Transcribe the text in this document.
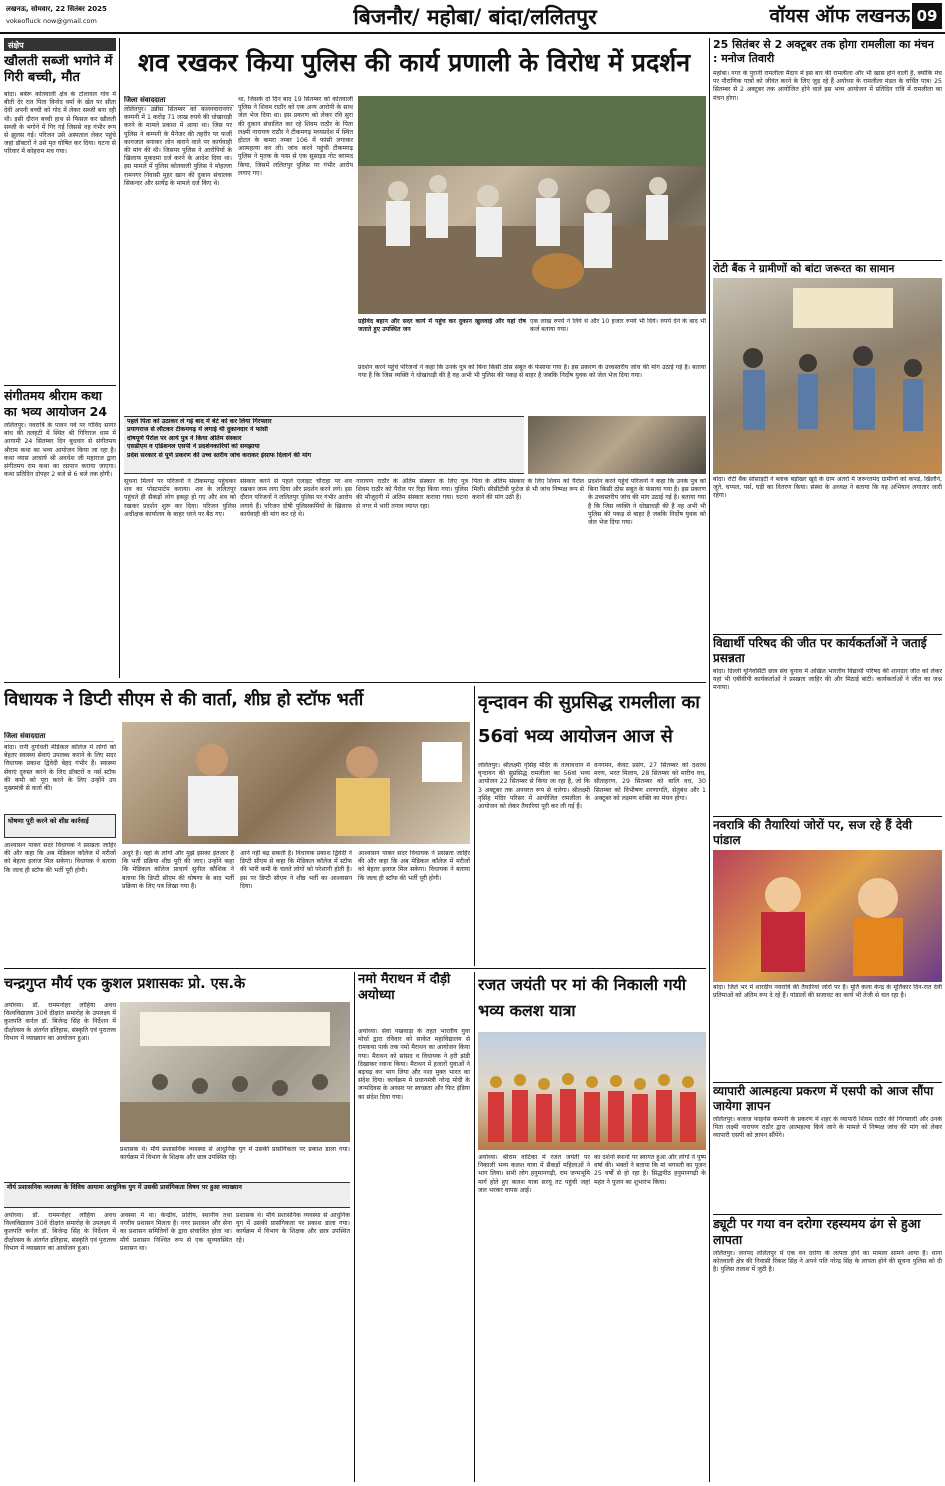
लखनऊ, सोमवार, 22 सितंबर 2025
vokeofluck now@gmail.com	बिजनौर/ महोबा/ बांदा/ललितपुर	वॉयस ऑफ लखनऊ 09
संक्षेप
खौलती सब्जी भगोने में गिरी बच्ची, मौत
बांदा। बबेरू कोतवाली क्षेत्र के टोलावल गांव में बीती देर रात पिता विनोद वर्मा के खेत पर सीता देवी अपनी बच्ची को गोद में लेकर सब्जी बना रही थी। इसी दौरान बच्ची हाथ से फिसल कर खौलती सब्जी के भगोने में गिर गई जिससे वह गंभीर रूप से झुलस गई। परिजन उसे अस्पताल लेकर पहुंचे जहां डॉक्टरों ने उसे मृत घोषित कर दिया। घटना से परिवार में कोहराम मच गया।
संगीतमय श्रीराम कथा का भव्य आयोजन 24
ललितपुर। नवरात्रि के पावन पर्व पर गोविंद सागर बांध की तलहटी में स्थित श्री गिरिराज धाम में आगामी 24 सितम्बर दिन बुधवार से संगीतमय श्रीराम कथा का भव्य आयोजन किया जा रहा है। कथा व्यास आचार्य श्री अवधेश जी महाराज द्वारा संगीतमय राम कथा का रसपान कराया जाएगा। कथा प्रतिदिन दोपहर 2 बजे से 6 बजे तक होगी।
शव रखकर किया पुलिस की कार्य प्रणाली के विरोध में प्रदर्शन
जिला संवाददाता
ललितपुर। उन्नीस सितम्बर को कलनवारानगर कम्पनी में 1 करोड़ 71 लाख रुपये की धोखाधड़ी करने के मामले प्रकाश में आया था। जिस पर पुलिस ने कम्पनी के मैनेजर की तहरीर पर फर्जी कागजात बनाकर लोन कराने वाले पर कार्यवाही की मांग की थी। जिसपर पुलिस ने आरोपियों के खिलाफ मुकदमा दर्ज करने के आदेश दिया था। इस मामले में पुलिस कोतवाली पुलिस ने मोहल्ला रामनगर निवासी मुहर खान की दुकान संचालक सिकन्दर और सत्येंद्र के मामले दर्ज किए थे।
था, जिसके दो दिन बाद 19 सितम्बर को कोतवाली पुलिस ने शिवम राठौर को एक अन्य आरोपी के साथ जेल भेज दिया था। इस प्रकरण को लेकर रवि सुरा की दुकान संचालित कर रहे शिवम राठौर के पिता लक्ष्मी नारायण राठौर ने टीकमगढ़ मध्यप्रदेश में स्थित होटल के कमरा नम्बर 106 में फांसी लगाकर आत्महत्या कर ली। जांच करने पहुंची टीकमगढ़ पुलिस ने मृतक के पास से एक सुसाइड नोट बरामद किया, जिसमें ललितपुर पुलिस पर गंभीर आरोप लगाए गए।
ग्रहीवेद बहान और सदर कार्य में पहुंच कर दुकान खुलवाई और यहां रोष जताते हुए उपस्थित जन
एक लाख रुपये ने लिये थे और 10 हजार रुपये भी दिये। रुपये देने के बाद भी कर्ज बताया गया।
प्रदर्शन करने पहुंचे परिजनों ने कहा कि उनके पुत्र को बिना किसी ठोस सबूत के फंसाया गया है। इस प्रकरण के उच्चस्तरीय जांच की मांग उठाई गई है। बताया गया है कि जिस व्यक्ति ने धोखाधड़ी की है वह अभी भी पुलिस की पकड़ से बाहर है जबकि निर्दोष युवक को जेल भेज दिया गया।
पहले पिता को उठाकर ले गई बाद में बेटे को कर लिया गिरफ्तार
प्रयागराज से लौटकर टीकमगढ़ में लगाई थी दुकानदार ने फांसी
दोषपूर्ण पैरोल पर आये पुत्र ने किया अंतिम संस्कार
एसडीएम व एडिशनल एसपी ने प्रदर्शनकारियों को समझाया
प्रदेश सरकार से पूर्ण प्रकरण की उच्च स्तरीय जांच कराकर इंसाफ दिलाने की मांग
सूचना मिलने पर परिजनों ने टीकमगढ़ पहुंचकर शव का पोस्टमार्टम कराया। शव के ललितपुर पहुंचते ही सैकड़ों लोग इकट्ठा हो गए और शव को रखकर प्रदर्शन शुरू कर दिया। परिजन पुलिस अधीक्षक कार्यालय के बाहर धरने पर बैठ गए।
संस्कार करने से पहले एलाइट चौराहा पर शव रखकर जाम लगा दिया और प्रदर्शन करने लगे। इस दौरान परिजनों ने ललितपुर पुलिस पर गंभीर आरोप लगाये हैं। परिजन दोषी पुलिसकर्मियों के खिलाफ कार्यवाही की मांग कर रहे थे।
नारायण राठौर के अंतिम संस्कार के लिए पुत्र शिवम राठौर को पैरोल पर रिहा किया गया। पुलिस की मौजूदगी में अंतिम संस्कार कराया गया। घटना से नगर में भारी तनाव व्याप्त रहा।
पिता के अंतिम संस्कार के लिए शिवम को पैरोल मिली। सीसीटीवी फुटेज से भी जांच निष्पक्ष रूप से कराने की मांग उठी है।
प्रदर्शन करने पहुंचे परिजनों ने कहा कि उनके पुत्र को बिना किसी ठोस सबूत के फंसाया गया है। इस प्रकरण के उच्चस्तरीय जांच की मांग उठाई गई है। बताया गया है कि जिस व्यक्ति ने धोखाधड़ी की है वह अभी भी पुलिस की पकड़ से बाहर है जबकि निर्दोष युवक को जेल भेज दिया गया।
25 सितंबर से 2 अक्टूबर तक होगा रामलीला का मंचन : मनोज तिवारी
महोबा। नगर के पुरानी रामलीला मैदान में इस बार की रामलीला और भी खास होने वाली है, क्योंकि मंच पर पौराणिक पात्रों को जीवंत करने के लिए जुड़ रहे हैं अयोध्या के रामलीला मंडल के चर्चित पात्र। 25 सितम्बर से 2 अक्टूबर तक आयोजित होने वाले इस भव्य आयोजन में प्रतिदिन रात्रि में रामलीला का मंचन होगा।
रोटी बैंक ने ग्रामीणों को बांटा जरूरत का सामान
बांदा। रोटी बैंक सोसाइटी ने ब्लाक बड़ोखर खुर्द के ग्राम अतर्रा में जरूरतमंद ग्रामीणों को कपड़े, खिलौने, जूते, चप्पल, पर्स, घड़ी का वितरण किया। संस्था के अध्यक्ष ने बताया कि यह अभियान लगातार जारी रहेगा।
विद्यार्थी परिषद की जीत पर कार्यकर्ताओं ने जताई प्रसन्नता
बांदा। दिल्ली यूनिवर्सिटी छात्र संघ चुनाव में अखिल भारतीय विद्यार्थी परिषद की शानदार जीत को लेकर यहां भी एबीवीपी कार्यकर्ताओं ने प्रसन्नता जाहिर की और मिठाई बांटी। कार्यकर्ताओं ने जीत का जश्न मनाया।
नवरात्रि की तैयारियां जोरों पर, सज रहे हैं देवी पांडाल
बांदा। जिले भर में शारदीय नवरात्रि की तैयारियां जोरों पर हैं। मूर्ति कला केन्द्र के मूर्तिकार दिन-रात देवी प्रतिमाओं को अंतिम रूप दे रहे हैं। पांडालों की सजावट का कार्य भी तेजी से चल रहा है।
व्यापारी आत्महत्या प्रकरण में एसपी को आज सौंपा जायेगा ज्ञापन
ललितपुर। बजाज फाइनेंस कम्पनी के प्रकरण में शहर के व्यापारी शिवम राठौर की गिरफ्तारी और उनके पिता लक्ष्मी नारायण राठौर द्वारा आत्महत्या किये जाने के मामले में निष्पक्ष जांच की मांग को लेकर व्यापारी एसपी को ज्ञापन सौंपेंगे।
ड्यूटी पर गया वन दरोगा रहस्यमय ढंग से हुआ लापता
ललितपुर। जनपद ललितपुर में एक वन दरोगा के लापता होने का मामला सामने आया है। थाना कोतवाली क्षेत्र की निवासी रिंकल सिंह ने अपने पति नरेन्द्र सिंह के लापता होने की सूचना पुलिस को दी है। पुलिस तलाश में जुटी है।
विधायक ने डिप्टी सीएम से की वार्ता, शीघ्र हो स्टॉफ भर्ती
जिला संवाददाता
बांदा। रानी दुर्गावती मेडिकल कॉलेज में लोगों को बेहतर स्वास्थ्य सेवाएं उपलब्ध कराने के लिए सदर विधायक प्रकाश द्विवेदी बेहद गंभीर हैं। स्वास्थ्य सेवाएं दुरुस्त करने के लिए डॉक्टरों व नर्स स्टॉफ की कमी को पूरा करने के लिए उन्होंने उप मुख्यमंत्री से वार्ता की।
घोषणा पूरी करने को शीघ्र कार्रवाई
आश्वासन पाकर सदर विधायक ने प्रसन्नता जाहिर की और कहा कि अब मेडिकल कॉलेज में मरीजों को बेहतर इलाज मिल सकेगा। विधायक ने बताया कि जल्द ही स्टॉफ की भर्ती पूरी होगी।
अधूरे हैं। वहां के लोगों और मुझे इसका इंतजार है कि भर्ती प्रक्रिया शीघ्र पूरी की जाए। उन्होंने कहा कि मेडिकल कॉलेज प्राचार्य सुनील कौशिक ने बताया कि डिप्टी सीएम की घोषणा के बाद भर्ती प्रक्रिया के लिए पत्र लिखा गया है।
आने नहीं बढ़ सकती है। विधायक प्रकाश द्विवेदी ने डिप्टी सीएम से कहा कि मेडिकल कॉलेज में स्टॉफ की भारी कमी के चलते लोगों को परेशानी होती है। इस पर डिप्टी सीएम ने शीघ्र भर्ती का आश्वासन दिया।
आश्वासन पाकर सदर विधायक ने प्रसन्नता जाहिर की और कहा कि अब मेडिकल कॉलेज में मरीजों को बेहतर इलाज मिल सकेगा। विधायक ने बताया कि जल्द ही स्टॉफ की भर्ती पूरी होगी।
वृन्दावन की सुप्रसिद्ध रामलीला का 56वां भव्य आयोजन आज से
ललितपुर। श्रीलक्ष्मी नृसिंह मंदिर के तत्वावधान में वृन्दावन की सुप्रसिद्ध रामलीला का 56वां भव्य आयोजन 22 सितम्बर से किया जा रहा है, जो कि 3 अक्टूबर तक अनवरत रूप से चलेगा। श्रीलक्ष्मी नृसिंह मंदिर परिसर में आयोजित रामलीला के आयोजन को लेकर तैयारियां पूरी कर ली गई हैं।
वनगमन, केवट प्रसंग, 27 सितम्बर को दशरथ मरण, भरत मिलाप, 28 सितम्बर को मारीच वध, सीताहरण, 29 सितम्बर को बालि वध, 30 सितम्बर को विभीषण शरणागति, सेतुबंध और 1 अक्टूबर को लक्ष्मण शक्ति का मंचन होगा।
चन्द्रगुप्त मौर्य एक कुशल प्रशासकः प्रो. एस.के
अयोध्या। डॉ. राममनोहर लोहिया अवध विश्वविद्यालय 30वें दीक्षांत समारोह के उपलक्ष्य में कुलपति कर्नल डॉ. बिजेन्द्र सिंह के निर्देशन में दीक्षोत्सव के अंतर्गत इतिहास, संस्कृति एवं पुरातत्त्व विभाग में व्याख्यान का आयोजन हुआ।
प्रशासक थे। मौर्य प्रशासनिक व्यवस्था से आधुनिक युग में उसकी प्रासंगिकता पर प्रकाश डाला गया। कार्यक्रम में विभाग के शिक्षक और छात्र उपस्थित रहे।
मौर्य प्रशासनिक व्यवस्था के विविध आयामः आधुनिक युग में उसकी प्रासंगिकता विषय पर हुआ व्याख्यान
अयोध्या। डॉ. राममनोहर लोहिया अवध विश्वविद्यालय 30वें दीक्षांत समारोह के उपलक्ष्य में कुलपति कर्नल डॉ. बिजेन्द्र सिंह के निर्देशन में दीक्षोत्सव के अंतर्गत इतिहास, संस्कृति एवं पुरातत्त्व विभाग में व्याख्यान का आयोजन हुआ।
अवस्था में था। केन्द्रीय, प्रांतीय, स्थानीय तथा नगरीय प्रशासन मिलता है। नगर प्रशासन और सेना का प्रशासन समितियों के द्वारा संचालित होता था। मौर्य प्रशासन निश्चित रूप से एक सुव्यवस्थित प्रशासन था।
प्रशासक थे। मौर्य प्रशासनिक व्यवस्था से आधुनिक युग में उसकी प्रासंगिकता पर प्रकाश डाला गया। कार्यक्रम में विभाग के शिक्षक और छात्र उपस्थित रहे।
नमो मैराथन में दौड़ी अयोध्या
अयोध्या। सेवा पखवाड़ा के तहत भारतीय युवा मोर्चा द्वारा रविवार को साकेत महाविद्यालय से रामकथा पार्क तक नमो मैराथन का आयोजन किया गया। मैराथन को सांसद व विधायक ने हरी झंडी दिखाकर रवाना किया। मैराथन में हजारों युवाओं ने बढ़चढ़ कर भाग लिया और नशा मुक्त भारत का संदेश दिया। कार्यक्रम में प्रधानमंत्री नरेन्द्र मोदी के जन्मदिवस के अवसर पर स्वच्छता और फिट इंडिया का संदेश दिया गया।
रजत जयंती पर मां की निकाली गयी भव्य कलश यात्रा
अयोध्या। श्रीराम वाटिका में रजत जयंती पर निकाली भव्य कलश यात्रा में सैकड़ों महिलाओं ने भाग लिया। सभी लोग हनुमानगढ़ी, राम जन्मभूमि मार्ग होते हुए कलश यात्रा सरयू तट पहुंची जहां जल भरकर वापस आई।
का दर्शनों स्थानों पर स्वागत हुआ और लोगों ने पुष्प वर्षा की। भक्तों ने बताया कि मां भगवती का पूजन 25 वर्षों से हो रहा है। सिद्धपीठ हनुमानगढ़ी के महंत ने पूजन का शुभारंभ किया।
